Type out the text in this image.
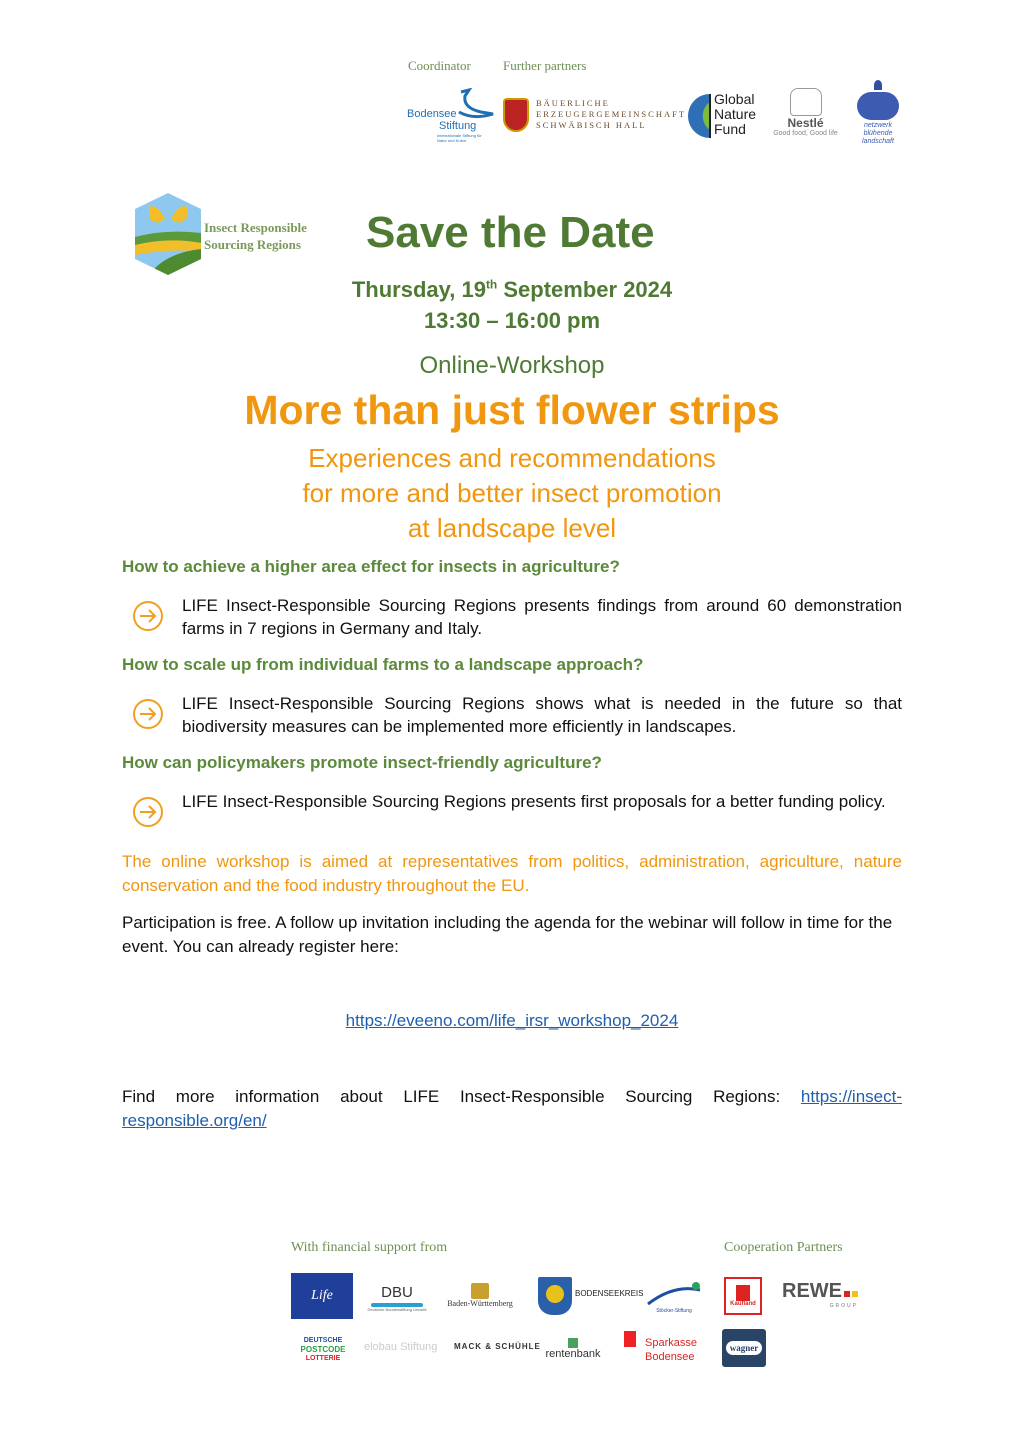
Coordinator Further partners
Bodensee
Stiftung
Internationale Stiftung für Natur und Kultur
BÄUERLICHE
ERZEUGERGEMEINSCHAFT
SCHWÄBISCH HALL
Global
Nature
Fund	Nestlé
Good food, Good life
netzwerk
blühende
landschaft
Insect Responsible
Sourcing Regions Save the Date
Thursday, 19th September 2024
13:30 – 16:00 pm
Online-Workshop
More than just flower strips
Experiences and recommendations
for more and better insect promotion
at landscape level
How to achieve a higher area effect for insects in agriculture?
LIFE Insect-Responsible Sourcing Regions presents findings from around 60 demonstration farms in 7 regions in Germany and Italy.
How to scale up from individual farms to a landscape approach?
LIFE Insect-Responsible Sourcing Regions shows what is needed in the future so that biodiversity measures can be implemented more efficiently in landscapes.
How can policymakers promote insect-friendly agriculture?
LIFE Insect-Responsible Sourcing Regions presents first proposals for a better funding policy.
The online workshop is aimed at representatives from politics, administration, agriculture, nature conservation and the food industry throughout the EU.
Participation is free. A follow up invitation including the agenda for the webinar will follow in time for the event. You can already register here:
https://eveeno.com/life_irsr_workshop_2024
Find more information about LIFE Insect-Responsible Sourcing Regions: https://insect-responsible.org/en/
With financial support from	Cooperation Partners
Life	DBU
Deutsche Bundesstiftung Umwelt
Baden-Württemberg
BODENSEEKREIS
Stöcker-Stiftung
Kaufland
REWE
GROUP
DEUTSCHE
POSTCODE
LOTTERIE
elobau Stiftung MACK & SCHÜHLE
rentenbank
Sparkasse
Bodensee
wagner
